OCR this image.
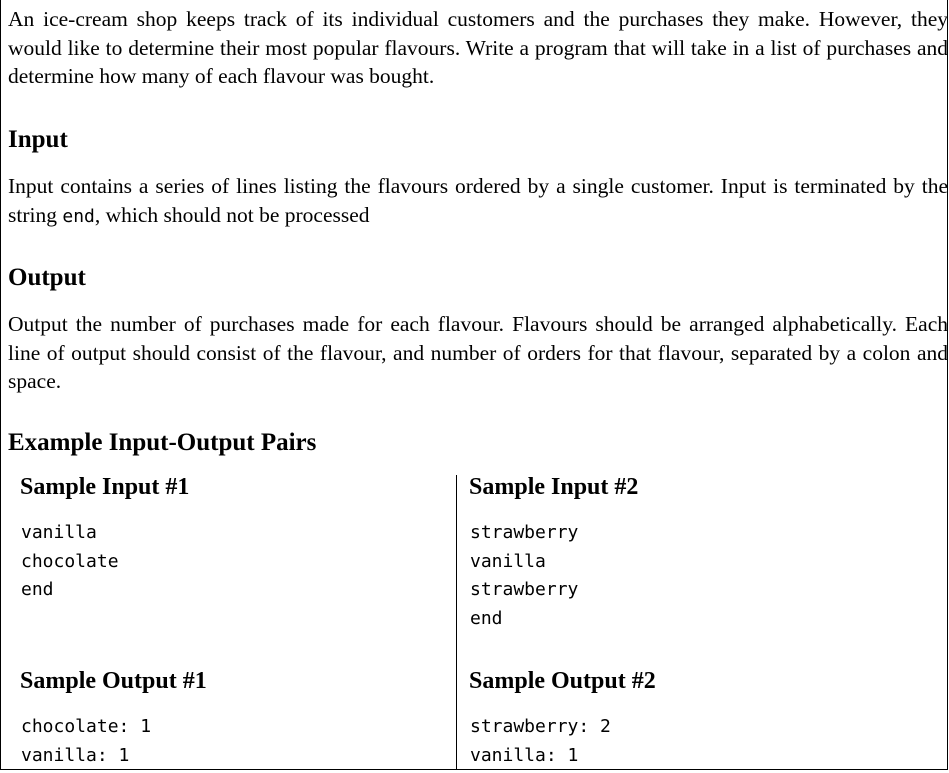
An ice-cream shop keeps track of its individual customers and the purchases they make. However, they would like to determine their most popular flavours. Write a program that will take in a list of purchases and determine how many of each flavour was bought.

Input

Input contains a series of lines listing the flavours ordered by a single customer. Input is terminated by the string end, which should not be processed

Output

Output the number of purchases made for each flavour. Flavours should be arranged alphabetically. Each line of output should consist of the flavour, and number of orders for that flavour, separated by a colon and space.

Example Input-Output Pairs
Sample Input #1
vanilla
chocolate
end
Sample Output #1
chocolate: 1
vanilla: 1
Sample Input #2
strawberry
vanilla
strawberry
end
Sample Output #2
strawberry: 2
vanilla: 1
